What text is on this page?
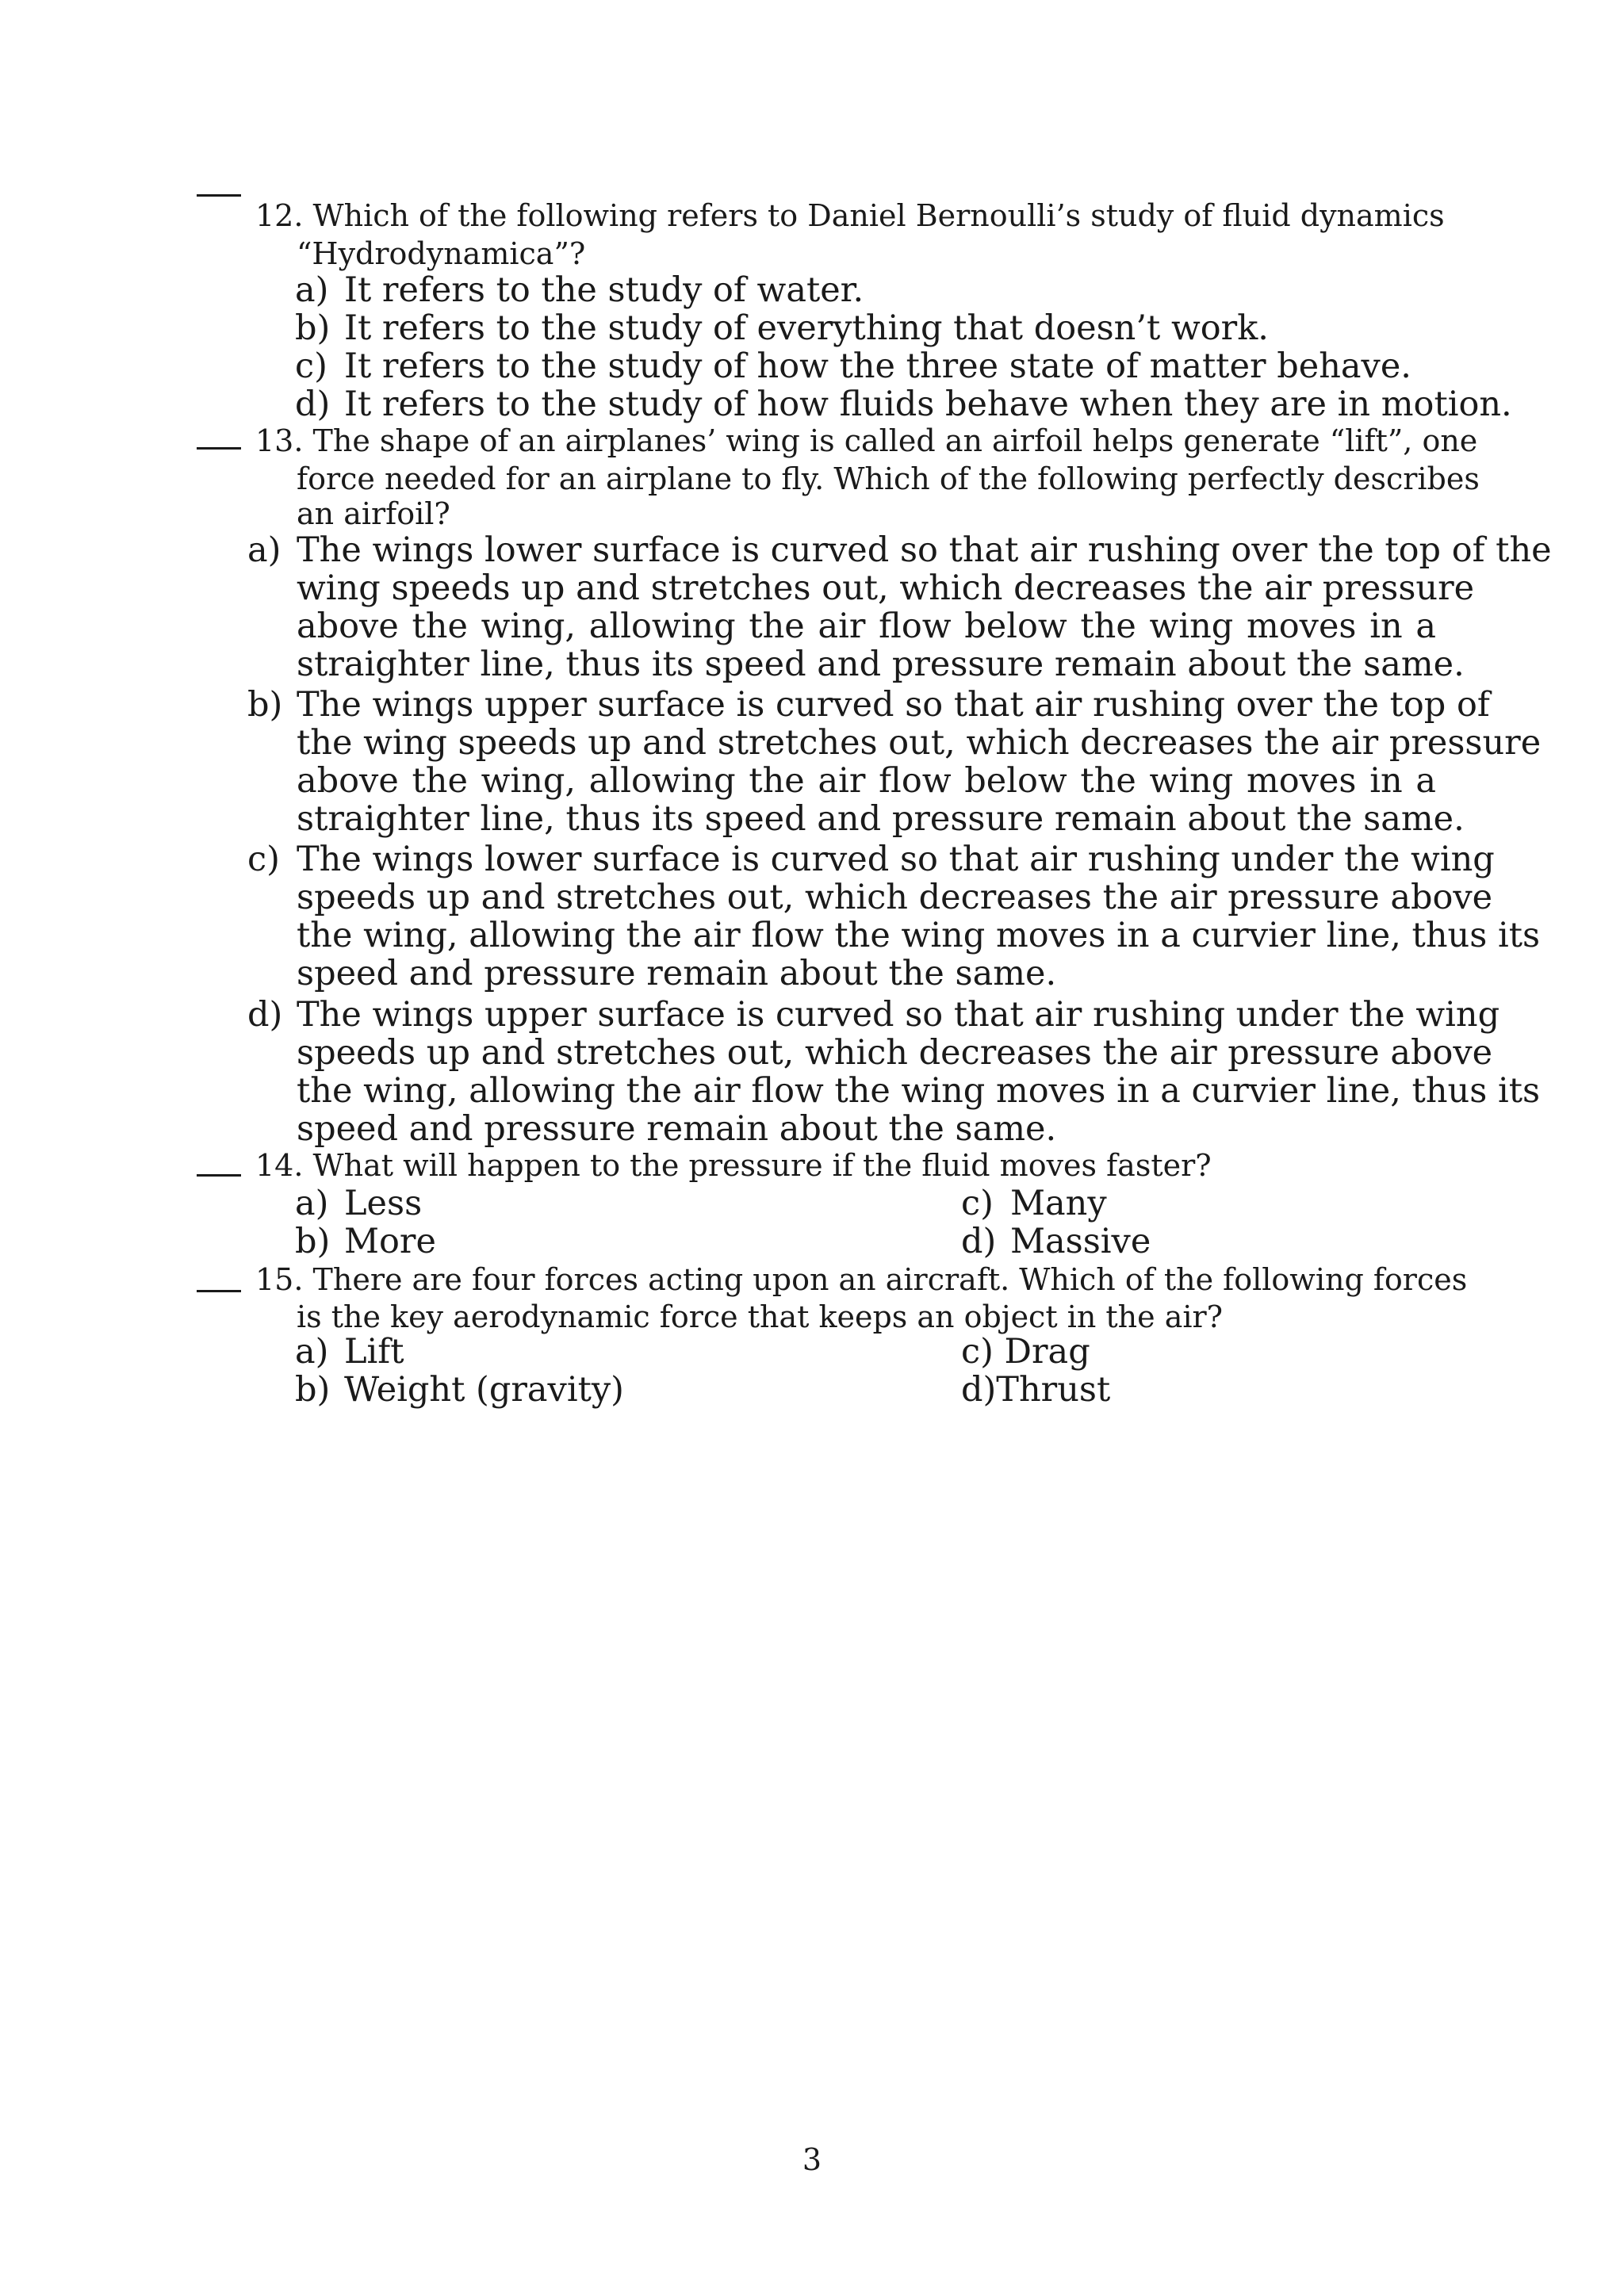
12. Which of the following refers to Daniel Bernoulli’s study of fluid dynamics
“Hydrodynamica”?
a) It refers to the study of water.
b) It refers to the study of everything that doesn’t work.
c) It refers to the study of how the three state of matter behave.
d) It refers to the study of how fluids behave when they are in motion.
13. The shape of an airplanes’ wing is called an airfoil helps generate “lift”, one
force needed for an airplane to fly. Which of the following perfectly describes
an airfoil?
a) The wings lower surface is curved so that air rushing over the top of the
wing speeds up and stretches out, which decreases the air pressure
above the wing, allowing the air flow below the wing moves in a
straighter line, thus its speed and pressure remain about the same.
b) The wings upper surface is curved so that air rushing over the top of
the wing speeds up and stretches out, which decreases the air pressure
above the wing, allowing the air flow below the wing moves in a
straighter line, thus its speed and pressure remain about the same.
c) The wings lower surface is curved so that air rushing under the wing
speeds up and stretches out, which decreases the air pressure above
the wing, allowing the air flow the wing moves in a curvier line, thus its
speed and pressure remain about the same.
d) The wings upper surface is curved so that air rushing under the wing
speeds up and stretches out, which decreases the air pressure above
the wing, allowing the air flow the wing moves in a curvier line, thus its
speed and pressure remain about the same.
14. What will happen to the pressure if the fluid moves faster?
a) Less
b) More
c) Many
d) Massive
15. There are four forces acting upon an aircraft. Which of the following forces
is the key aerodynamic force that keeps an object in the air?
a) Lift
b) Weight (gravity)
c) Drag
d)Thrust
3
